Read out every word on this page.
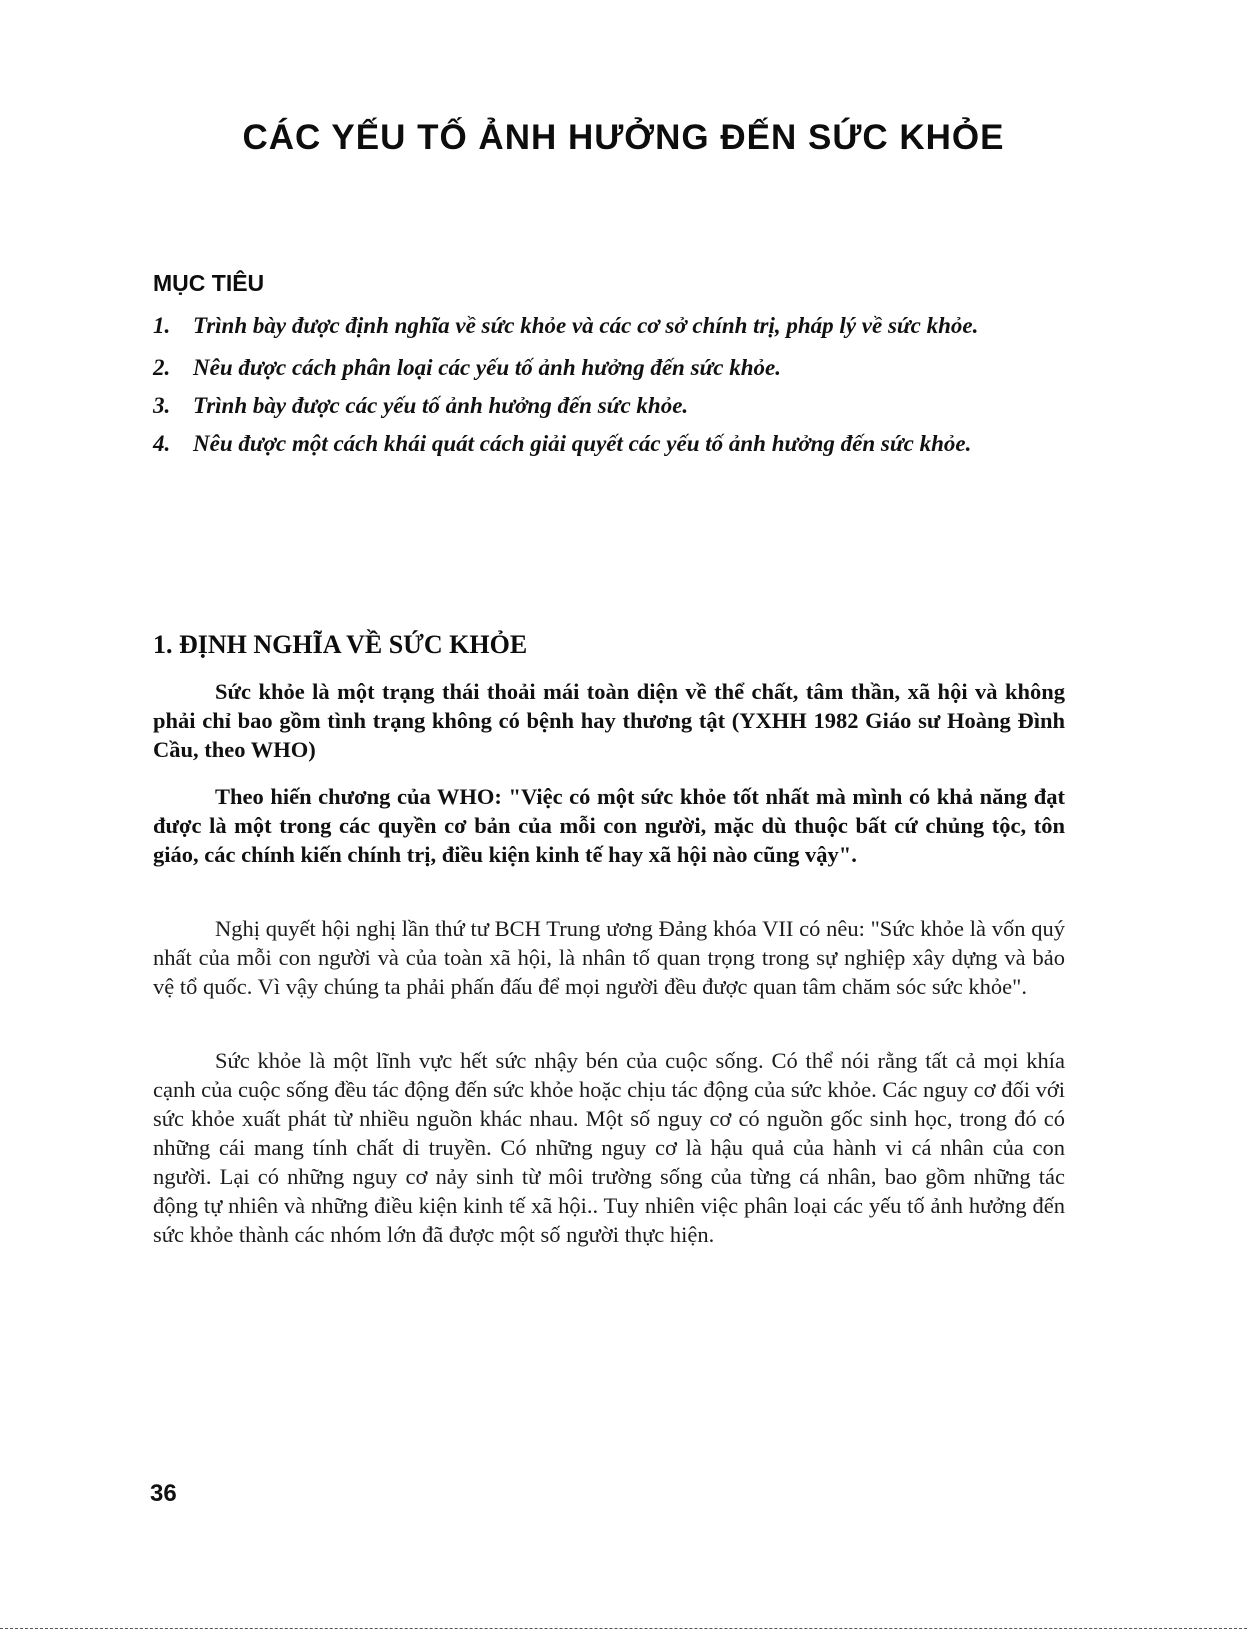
CÁC YẾU TỐ ẢNH HƯỞNG ĐẾN SỨC KHỎE
MỤC TIÊU
1. Trình bày được định nghĩa về sức khỏe và các cơ sở chính trị, pháp lý về sức khỏe.
2. Nêu được cách phân loại các yếu tố ảnh hưởng đến sức khỏe.
3. Trình bày được các yếu tố ảnh hưởng đến sức khỏe.
4. Nêu được một cách khái quát cách giải quyết các yếu tố ảnh hưởng đến sức khỏe.
1. ĐỊNH NGHĨA VỀ SỨC KHỎE

Sức khỏe là một trạng thái thoải mái toàn diện về thể chất, tâm thần, xã hội và không phải chỉ bao gồm tình trạng không có bệnh hay thương tật (YXHH 1982 Giáo sư Hoàng Đình Cầu, theo WHO)

Theo hiến chương của WHO: "Việc có một sức khỏe tốt nhất mà mình có khả năng đạt được là một trong các quyền cơ bản của mỗi con người, mặc dù thuộc bất cứ chủng tộc, tôn giáo, các chính kiến chính trị, điều kiện kinh tế hay xã hội nào cũng vậy".

Nghị quyết hội nghị lần thứ tư BCH Trung ương Đảng khóa VII có nêu: "Sức khỏe là vốn quý nhất của mỗi con người và của toàn xã hội, là nhân tố quan trọng trong sự nghiệp xây dựng và bảo vệ tổ quốc. Vì vậy chúng ta phải phấn đấu để mọi người đều được quan tâm chăm sóc sức khỏe".

Sức khỏe là một lĩnh vực hết sức nhậy bén của cuộc sống. Có thể nói rằng tất cả mọi khía cạnh của cuộc sống đều tác động đến sức khỏe hoặc chịu tác động của sức khỏe. Các nguy cơ đối với sức khỏe xuất phát từ nhiều nguồn khác nhau. Một số nguy cơ có nguồn gốc sinh học, trong đó có những cái mang tính chất di truyền. Có những nguy cơ là hậu quả của hành vi cá nhân của con người. Lại có những nguy cơ nảy sinh từ môi trường sống của từng cá nhân, bao gồm những tác động tự nhiên và những điều kiện kinh tế xã hội.. Tuy nhiên việc phân loại các yếu tố ảnh hưởng đến sức khỏe thành các nhóm lớn đã được một số người thực hiện.

36
